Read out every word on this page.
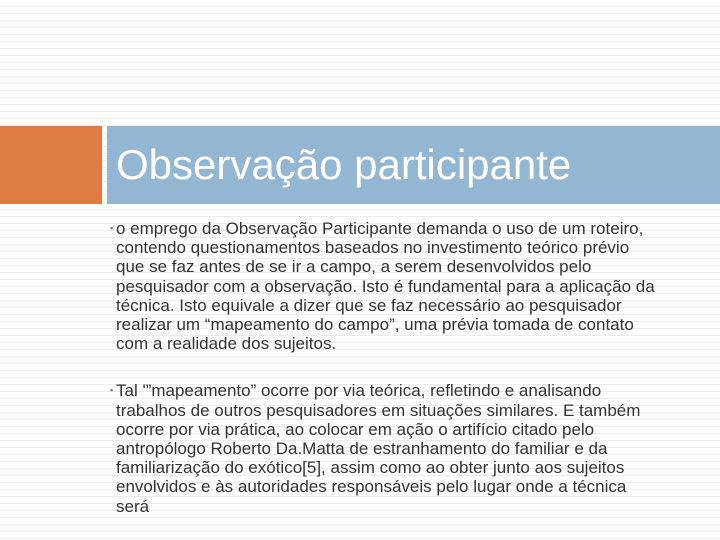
Observação participante

▪ o emprego da Observação Participante demanda o uso de um roteiro, contendo questionamentos baseados no investimento teórico prévio que se faz antes de se ir a campo, a serem desenvolvidos pelo pesquisador com a observação. Isto é fundamental para a aplicação da técnica. Isto equivale a dizer que se faz necessário ao pesquisador realizar um “mapeamento do campo”, uma prévia tomada de contato com a realidade dos sujeitos.

▪ Tal '”mapeamento” ocorre por via teórica, refletindo e analisando trabalhos de outros pesquisadores em situações similares. E também ocorre por via prática, ao colocar em ação o artifício citado pelo antropólogo Roberto Da.Matta de estranhamento do familiar e da familiarização do exótico[5], assim como ao obter junto aos sujeitos envolvidos e às autoridades responsáveis pelo lugar onde a técnica será
